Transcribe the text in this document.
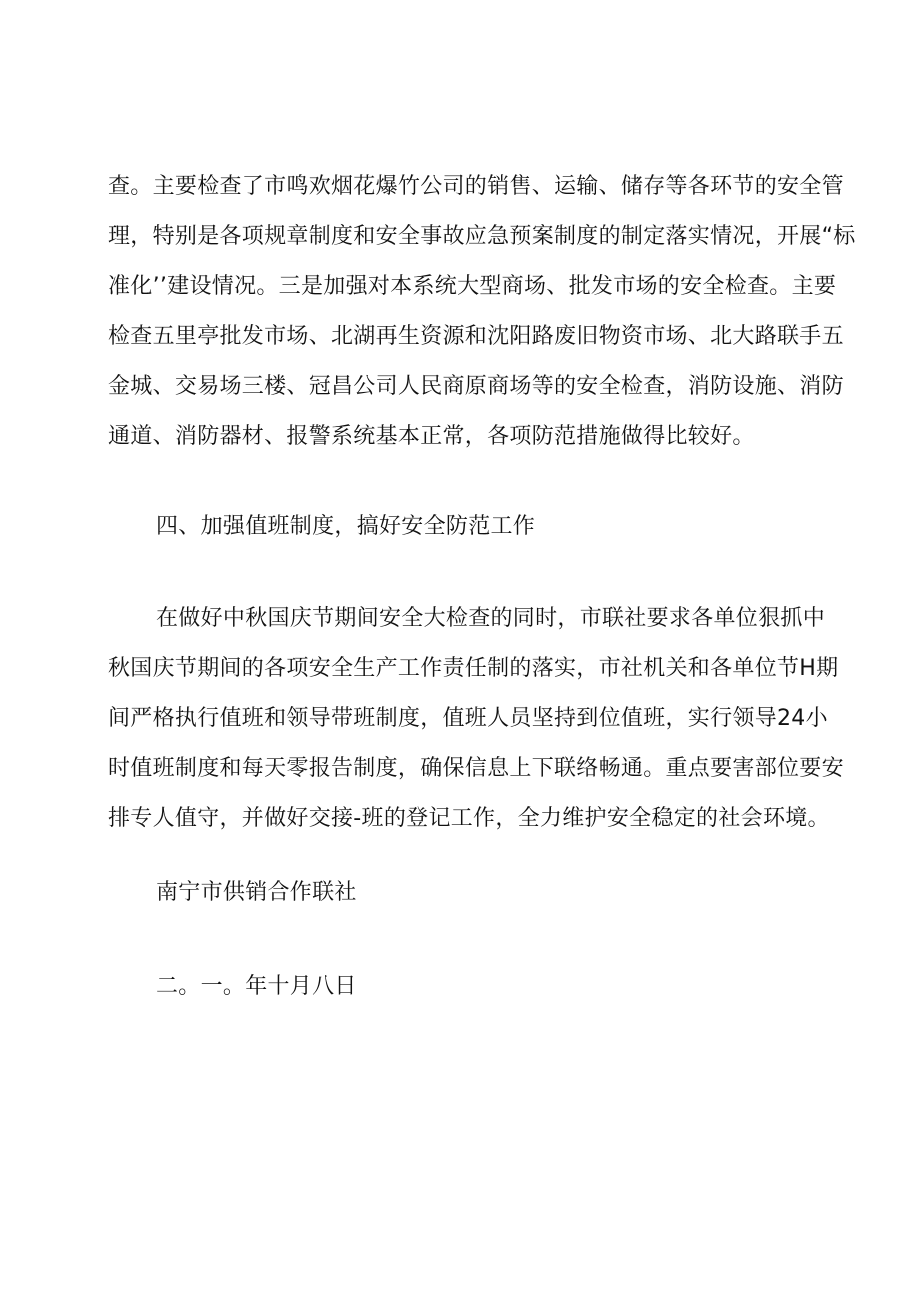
查。主要检查了市鸣欢烟花爆竹公司的销售、运输、储存等各环节的安全管
理，特别是各项规章制度和安全事故应急预案制度的制定落实情况，开展“标
准化’’建设情况。三是加强对本系统大型商场、批发市场的安全检查。主要
检查五里亭批发市场、北湖再生资源和沈阳路废旧物资市场、北大路联手五
金城、交易场三楼、冠昌公司人民商原商场等的安全检查，消防设施、消防
通道、消防器材、报警系统基本正常，各项防范措施做得比较好。
四、加强值班制度，搞好安全防范工作
在做好中秋国庆节期间安全大检查的同时，市联社要求各单位狠抓中
秋国庆节期间的各项安全生产工作责任制的落实，市社机关和各单位节H期
间严格执行值班和领导带班制度，值班人员坚持到位值班，实行领导24小
时值班制度和每天零报告制度，确保信息上下联络畅通。重点要害部位要安
排专人值守，并做好交接-班的登记工作，全力维护安全稳定的社会环境。
南宁市供销合作联社
二。一。年十月八日
